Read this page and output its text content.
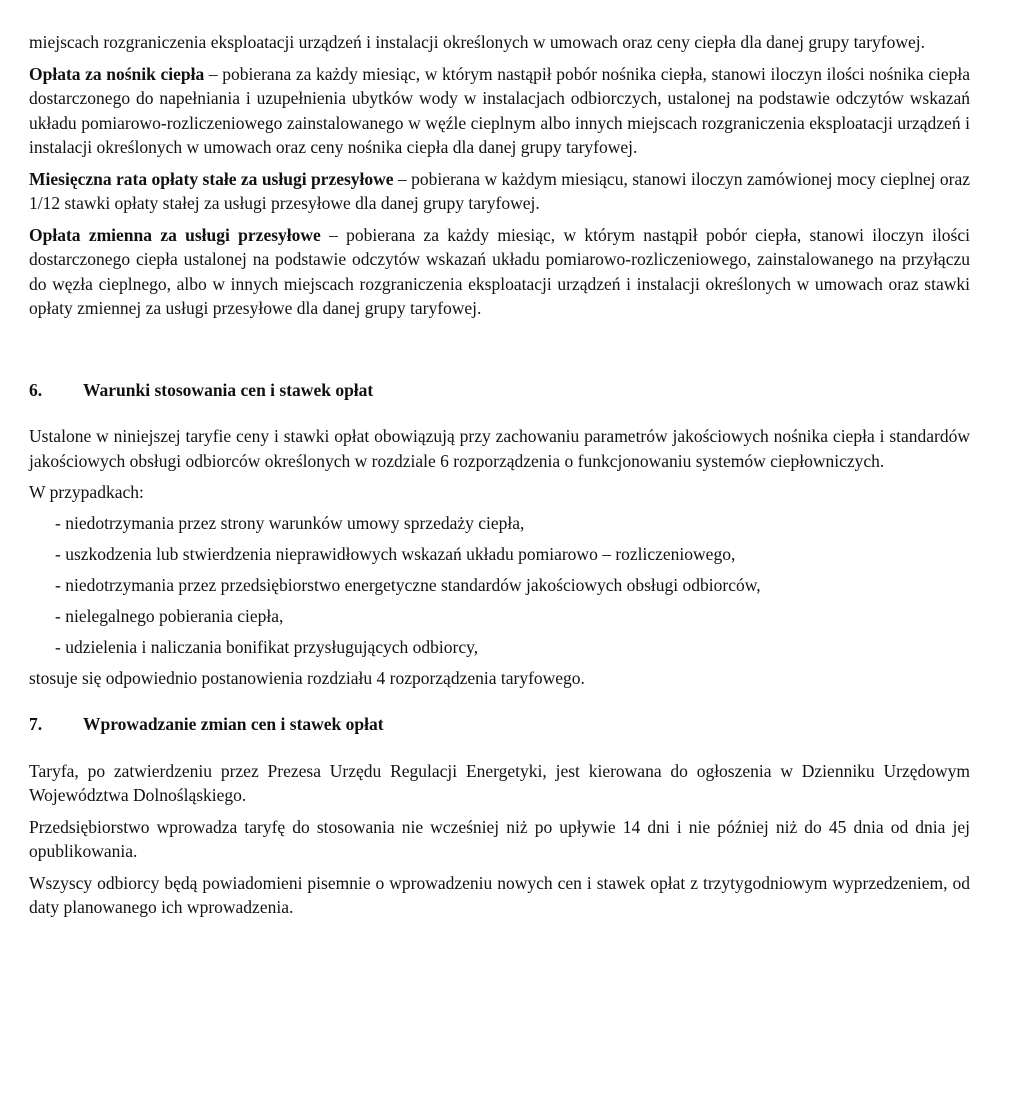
miejscach rozgraniczenia eksploatacji urządzeń i instalacji określonych w umowach oraz ceny ciepła dla danej grupy taryfowej.

Opłata za nośnik ciepła – pobierana za każdy miesiąc, w którym nastąpił pobór nośnika ciepła, stanowi iloczyn ilości nośnika ciepła dostarczonego do napełniania i uzupełnienia ubytków wody w instalacjach odbiorczych, ustalonej na podstawie odczytów wskazań układu pomiarowo-rozliczeniowego zainstalowanego w węźle cieplnym albo innych miejscach rozgraniczenia eksploatacji urządzeń i instalacji określonych w umowach oraz ceny nośnika ciepła dla danej grupy taryfowej.

Miesięczna rata opłaty stałe za usługi przesyłowe – pobierana w każdym miesiącu, stanowi iloczyn zamówionej mocy cieplnej oraz 1/12 stawki opłaty stałej za usługi przesyłowe dla danej grupy taryfowej.

Opłata zmienna za usługi przesyłowe – pobierana za każdy miesiąc, w którym nastąpił pobór ciepła, stanowi iloczyn ilości dostarczonego ciepła ustalonej na podstawie odczytów wskazań układu pomiarowo-rozliczeniowego, zainstalowanego na przyłączu do węzła cieplnego, albo w innych miejscach rozgraniczenia eksploatacji urządzeń i instalacji określonych w umowach oraz stawki opłaty zmiennej za usługi przesyłowe dla danej grupy taryfowej.

6.	Warunki stosowania cen i stawek opłat

Ustalone w niniejszej taryfie ceny i stawki opłat obowiązują przy zachowaniu parametrów jakościowych nośnika ciepła i standardów jakościowych obsługi odbiorców określonych w rozdziale 6 rozporządzenia o funkcjonowaniu systemów ciepłowniczych.

W przypadkach:

- niedotrzymania przez strony warunków umowy sprzedaży ciepła,
- uszkodzenia lub stwierdzenia nieprawidłowych wskazań układu pomiarowo – rozliczeniowego,
- niedotrzymania przez przedsiębiorstwo energetyczne standardów jakościowych obsługi odbiorców,
- nielegalnego pobierania ciepła,
- udzielenia i naliczania bonifikat przysługujących odbiorcy,

stosuje się odpowiednio postanowienia rozdziału 4 rozporządzenia taryfowego.

7.	Wprowadzanie zmian cen i stawek opłat

Taryfa, po zatwierdzeniu przez Prezesa Urzędu Regulacji Energetyki, jest kierowana do ogłoszenia w Dzienniku Urzędowym Województwa Dolnośląskiego.

Przedsiębiorstwo wprowadza taryfę do stosowania nie wcześniej niż po upływie 14 dni i nie później niż do 45 dnia od dnia jej opublikowania.

Wszyscy odbiorcy będą powiadomieni pisemnie o wprowadzeniu nowych cen i stawek opłat z trzytygodniowym wyprzedzeniem, od daty planowanego ich wprowadzenia.
